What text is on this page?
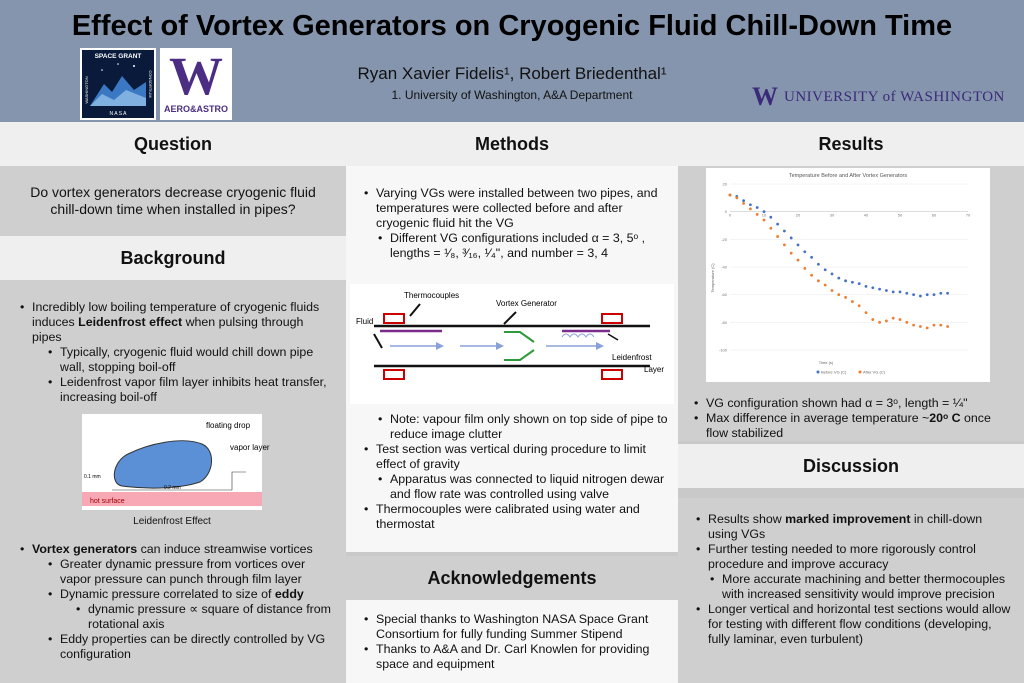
Effect of Vortex Generators on Cryogenic Fluid Chill-Down Time
SPACE GRANT
N A S A
WASHINGTON	CONSORTIUM W
AERO&ASTRO
Ryan Xavier Fidelis¹, Robert Briedenthal¹
1. University of Washington, A&A Department	W UNIVERSITY of WASHINGTON
Question
Do vortex generators decrease cryogenic fluid chill-down time when installed in pipes?
Background
• Incredibly low boiling temperature of cryogenic fluids induces Leidenfrost effect when pulsing through pipes
• Typically, cryogenic fluid would chill down pipe wall, stopping boil-off
• Leidenfrost vapor film layer inhibits heat transfer, increasing boil-off
floating drop
vapor layer
hot surface
0.1 mm
0.2 mm
Leidenfrost Effect
• Vortex generators can induce streamwise vortices
• Greater dynamic pressure from vortices over vapor pressure can punch through film layer
• Dynamic pressure correlated to size of eddy
• dynamic pressure ∝ square of distance from rotational axis
• Eddy properties can be directly controlled by VG configuration
Methods
• Varying VGs were installed between two pipes, and temperatures were collected before and after cryogenic fluid hit the VG
• Different VG configurations included α = 3, 5ᵒ , lengths = ¹⁄₈, ³⁄₁₆, ¹⁄₄", and number = 3, 4
Thermocouples
Vortex Generator
Fluid
Leidenfrost
Layer
• Note: vapour film only shown on top side of pipe to reduce image clutter
• Test section was vertical during procedure to limit effect of gravity
• Apparatus was connected to liquid nitrogen dewar and flow rate was controlled using valve
• Thermocouples were calibrated using water and thermostat
Acknowledgements
• Special thanks to Washington NASA Space Grant Consortium for fully funding Summer Stipend
• Thanks to A&A and Dr. Carl Knowlen for providing space and equipment
Results
Temperature Before and After Vortex Generators
Time (s)
Temperature (C)
20
0
-20
-40
-60
-80
-100
0	10	20	30	40	50	60	70
Before VG (C)	After VG (C)
• VG configuration shown had α = 3ᵒ, length = ¼"
• Max difference in average temperature ~20ᵒ C once flow stabilized
Discussion
• Results show marked improvement in chill-down using VGs
• Further testing needed to more rigorously control procedure and improve accuracy
• More accurate machining and better thermocouples with increased sensitivity would improve precision
• Longer vertical and horizontal test sections would allow for testing with different flow conditions (developing, fully laminar, even turbulent)
